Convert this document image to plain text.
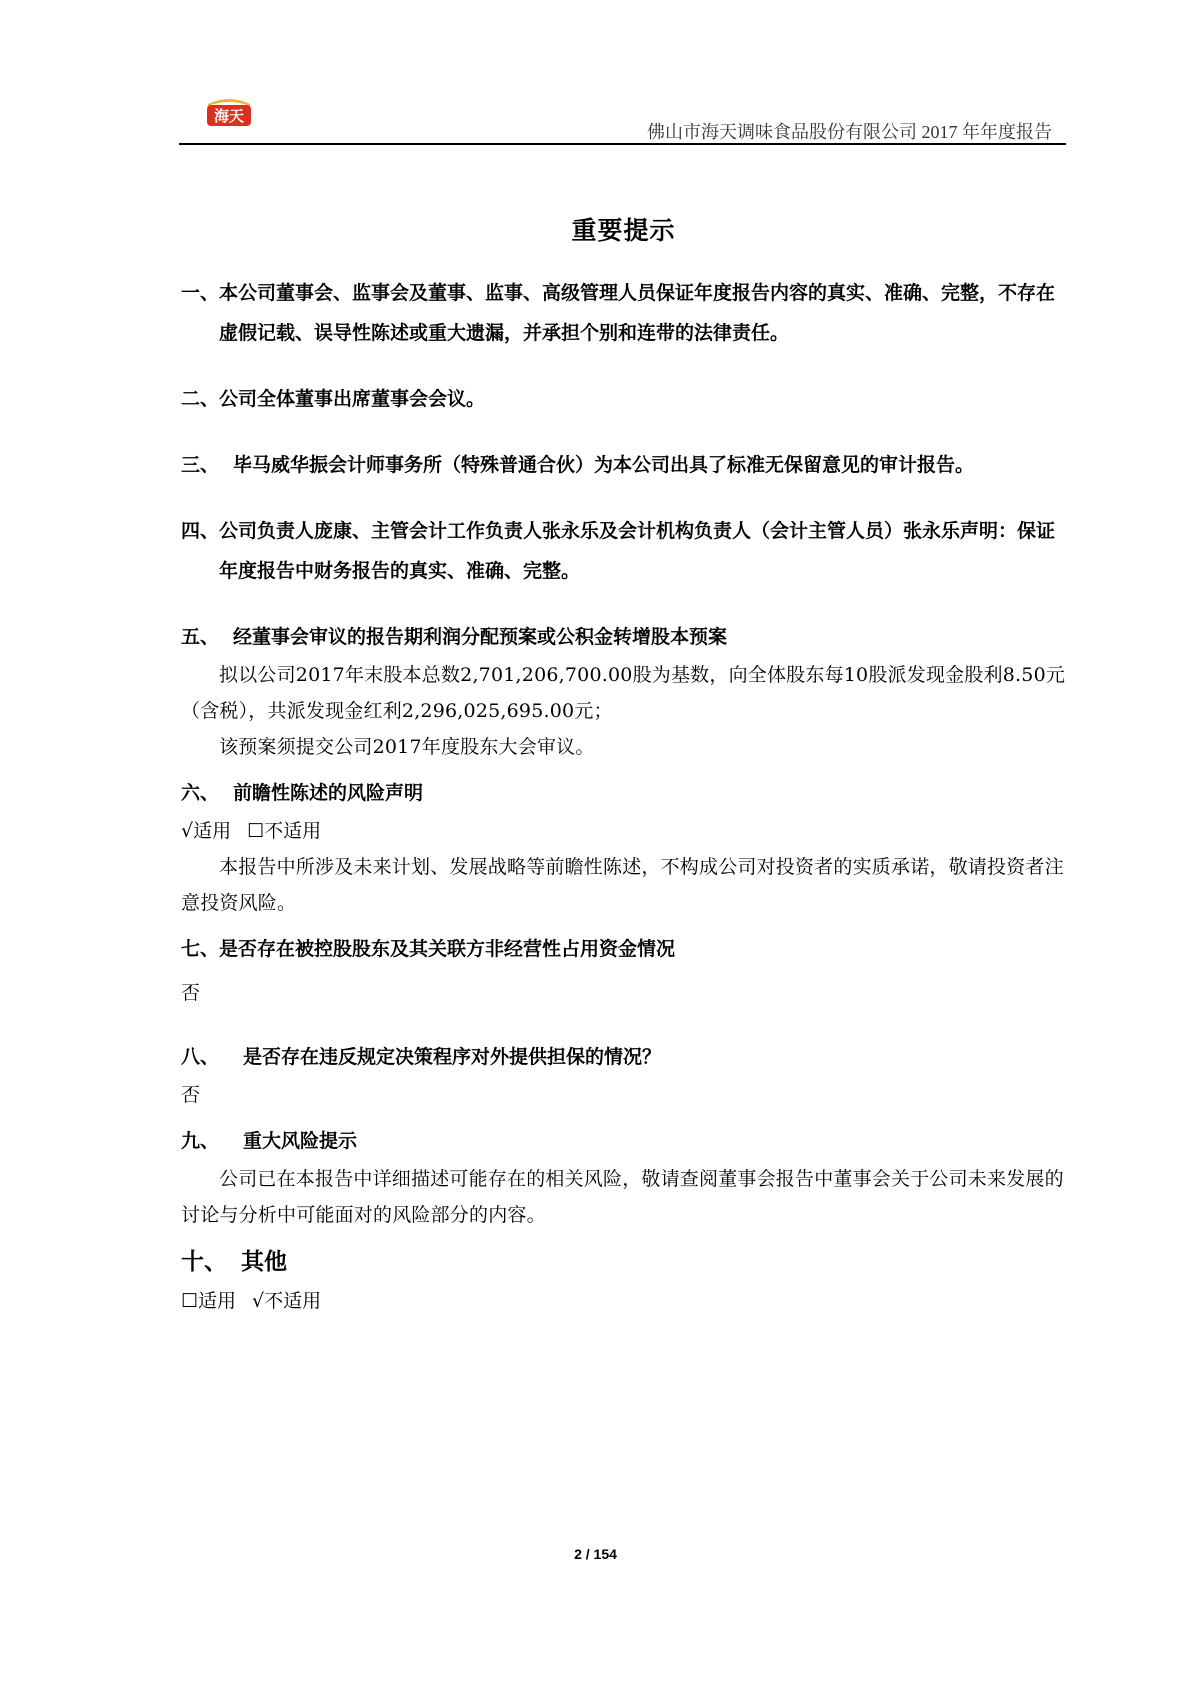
海天
佛山市海天调味食品股份有限公司 2017 年年度报告
重要提示
一、 本公司董事会、监事会及董事、监事、高级管理人员保证年度报告内容的真实、准确、完整，不存在虚假记载、误导性陈述或重大遗漏，并承担个别和连带的法律责任。
二、 公司全体董事出席董事会会议。
三、 毕马威华振会计师事务所（特殊普通合伙）为本公司出具了标准无保留意见的审计报告。
四、 公司负责人庞康、主管会计工作负责人张永乐及会计机构负责人（会计主管人员）张永乐声明：保证年度报告中财务报告的真实、准确、完整。
五、 经董事会审议的报告期利润分配预案或公积金转增股本预案
拟以公司2017年末股本总数2,701,206,700.00股为基数，向全体股东每10股派发现金股利8.50元（含税），共派发现金红利2,296,025,695.00元；
该预案须提交公司2017年度股东大会审议。
六、 前瞻性陈述的风险声明
√适用 ☐不适用
本报告中所涉及未来计划、发展战略等前瞻性陈述，不构成公司对投资者的实质承诺，敬请投资者注意投资风险。
七、 是否存在被控股股东及其关联方非经营性占用资金情况
否
八、 是否存在违反规定决策程序对外提供担保的情况？
否
九、 重大风险提示
公司已在本报告中详细描述可能存在的相关风险，敬请查阅董事会报告中董事会关于公司未来发展的讨论与分析中可能面对的风险部分的内容。
十、 其他
☐适用 √不适用
2 / 154
